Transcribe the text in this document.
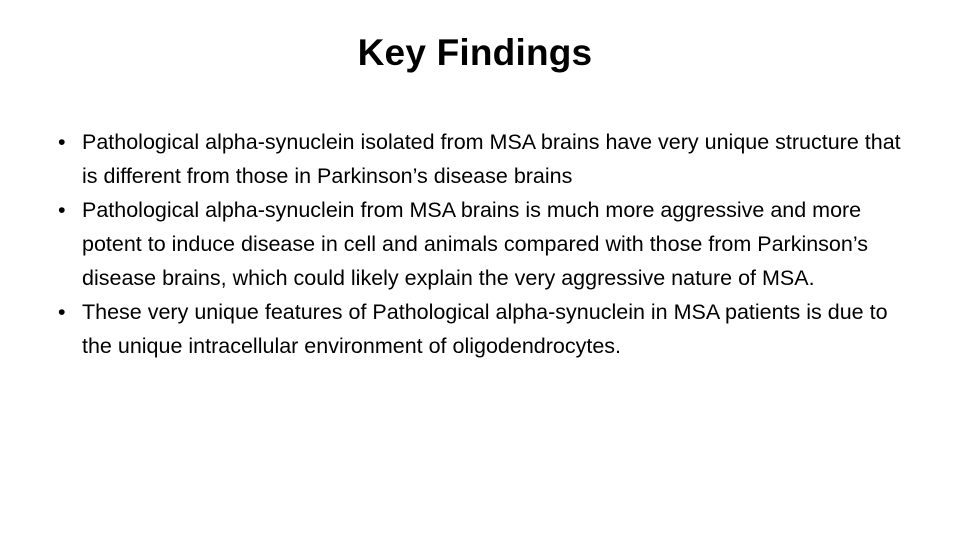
Key Findings
• Pathological alpha-synuclein isolated from MSA brains have very unique structure that is different from those in Parkinson’s disease brains
• Pathological alpha-synuclein from MSA brains is much more aggressive and more potent to induce disease in cell and animals compared with those from Parkinson’s disease brains, which could likely explain the very aggressive nature of MSA.
• These very unique features of Pathological alpha-synuclein in MSA patients is due to the unique intracellular environment of oligodendrocytes.
